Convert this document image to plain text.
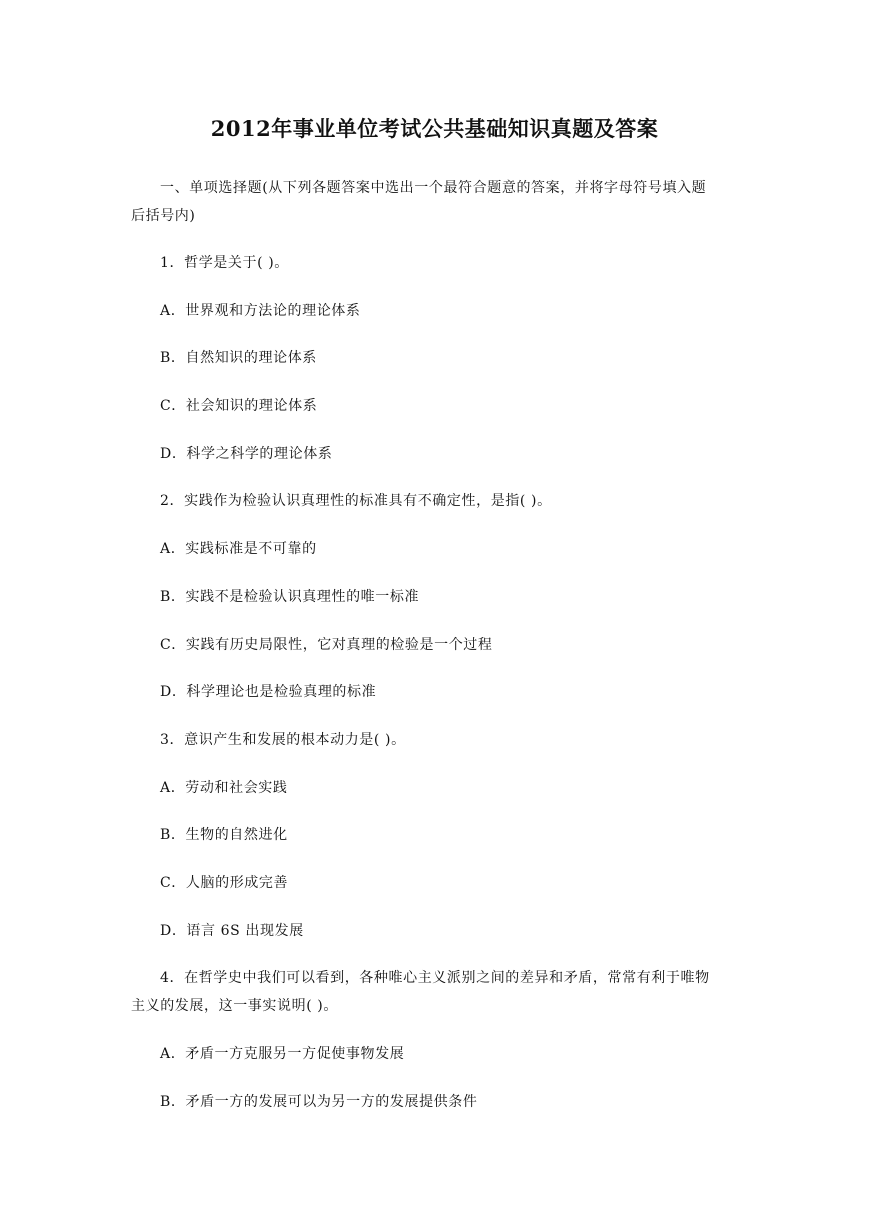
2012年事业单位考试公共基础知识真题及答案
一、单项选择题(从下列各题答案中选出一个最符合题意的答案，并将字母符号填入题
后括号内)
1．哲学是关于( )。
A．世界观和方法论的理论体系
B．自然知识的理论体系
C．社会知识的理论体系
D．科学之科学的理论体系
2．实践作为检验认识真理性的标准具有不确定性，是指( )。
A．实践标准是不可靠的
B．实践不是检验认识真理性的唯一标准
C．实践有历史局限性，它对真理的检验是一个过程
D．科学理论也是检验真理的标准
3．意识产生和发展的根本动力是( )。
A．劳动和社会实践
B．生物的自然进化
C．人脑的形成完善
D．语言 6S 出现发展
4．在哲学史中我们可以看到，各种唯心主义派别之间的差异和矛盾，常常有利于唯物
主义的发展，这一事实说明( )。
A．矛盾一方克服另一方促使事物发展
B．矛盾一方的发展可以为另一方的发展提供条件
